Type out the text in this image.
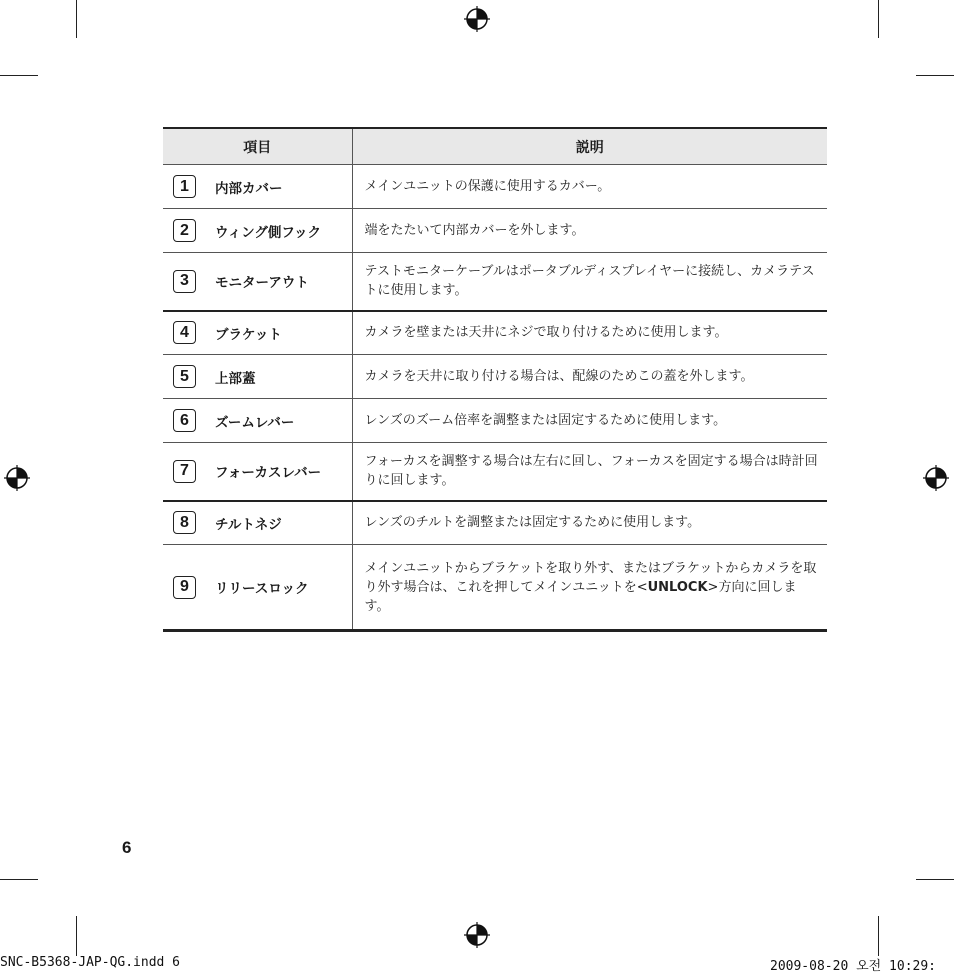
項目	説明

1 内部カバー	メインユニットの保護に使用するカバー。

2 ウィング側フック	端をたたいて内部カバーを外します。

3 モニターアウト	テストモニターケーブルはポータブルディスプレイヤーに接続し、カメラテストに使用します。

4 ブラケット	カメラを壁または天井にネジで取り付けるために使用します。

5 上部蓋	カメラを天井に取り付ける場合は、配線のためこの蓋を外します。

6 ズームレバー	レンズのズーム倍率を調整または固定するために使用します。

7 フォーカスレバー	フォーカスを調整する場合は左右に回し、フォーカスを固定する場合は時計回りに回します。

8 チルトネジ	レンズのチルトを調整または固定するために使用します。

9 リリースロック	メインユニットからブラケットを取り外す、またはブラケットからカメラを取り外す場合は、これを押してメインユニットを<UNLOCK>方向に回します。
6
SNC-B5368-JAP-QG.indd 6	2009-08-20 오전 10:29:
